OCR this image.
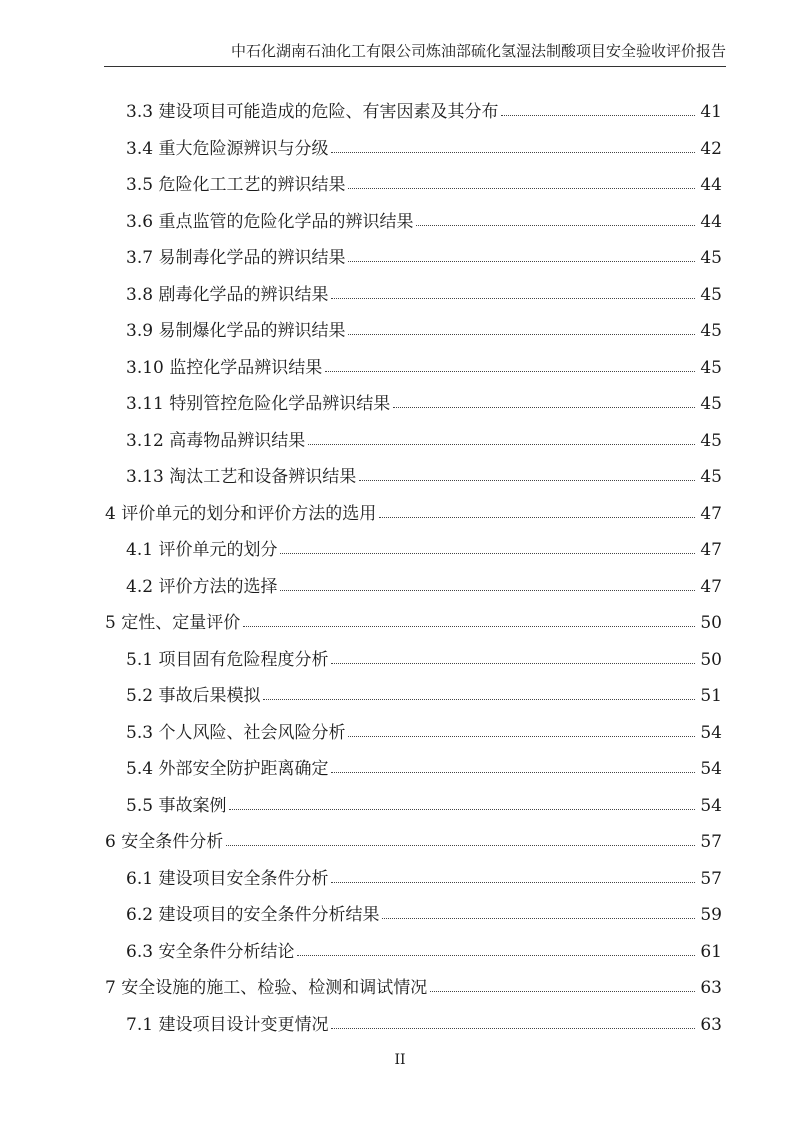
中石化湖南石油化工有限公司炼油部硫化氢湿法制酸项目安全验收评价报告
3.3 建设项目可能造成的危险、有害因素及其分布	41
3.4 重大危险源辨识与分级	42
3.5 危险化工工艺的辨识结果	44
3.6 重点监管的危险化学品的辨识结果	44
3.7 易制毒化学品的辨识结果	45
3.8 剧毒化学品的辨识结果	45
3.9 易制爆化学品的辨识结果	45
3.10 监控化学品辨识结果	45
3.11 特别管控危险化学品辨识结果	45
3.12 高毒物品辨识结果	45
3.13 淘汰工艺和设备辨识结果	45
4 评价单元的划分和评价方法的选用	47
4.1 评价单元的划分	47
4.2 评价方法的选择	47
5 定性、定量评价	50
5.1 项目固有危险程度分析	50
5.2 事故后果模拟	51
5.3 个人风险、社会风险分析	54
5.4 外部安全防护距离确定	54
5.5 事故案例	54
6 安全条件分析	57
6.1 建设项目安全条件分析	57
6.2 建设项目的安全条件分析结果	59
6.3 安全条件分析结论	61
7 安全设施的施工、检验、检测和调试情况	63
7.1 建设项目设计变更情况	63
II
